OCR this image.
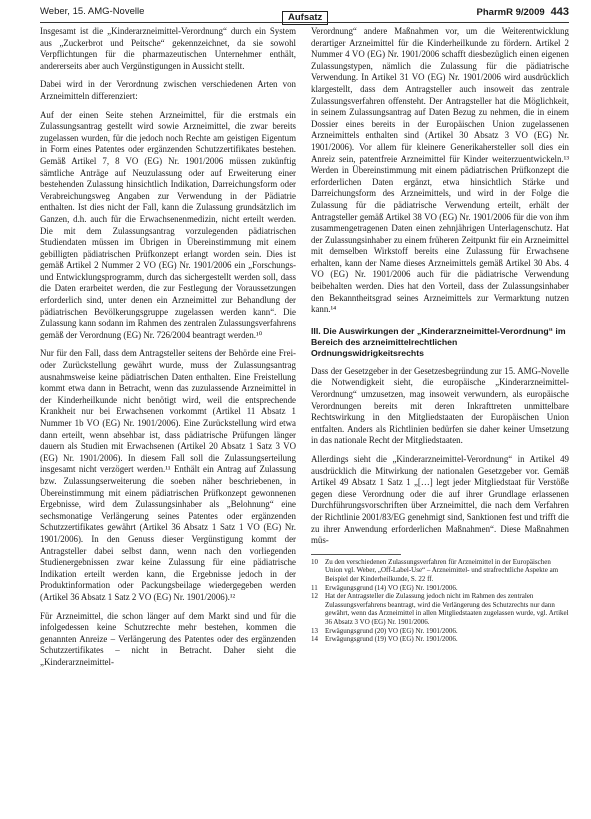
Weber, 15. AMG-Novelle	PharmR 9/2009 443
Aufsatz

Insgesamt ist die „Kinderarzneimittel-Verordnung“ durch ein System aus „Zuckerbrot und Peitsche“ gekennzeichnet, da sie sowohl Verpflichtungen für die pharmazeutischen Unternehmer enthält, andererseits aber auch Vergünstigungen in Aussicht stellt.

Dabei wird in der Verordnung zwischen verschiedenen Arten von Arzneimitteln differenziert:

Auf der einen Seite stehen Arzneimittel, für die erstmals ein Zulassungsantrag gestellt wird sowie Arzneimittel, die zwar bereits zugelassen wurden, für die jedoch noch Rechte am geistigen Eigentum in Form eines Patentes oder ergänzenden Schutzzertifikates bestehen. Gemäß Artikel 7, 8 VO (EG) Nr. 1901/2006 müssen zukünftig sämtliche Anträge auf Neuzulassung oder auf Erweiterung einer bestehenden Zulassung hinsichtlich Indikation, Darreichungsform oder Verabreichungsweg Angaben zur Verwendung in der Pädiatrie enthalten. Ist dies nicht der Fall, kann die Zulassung grundsätzlich im Ganzen, d.h. auch für die Erwachsenenmedizin, nicht erteilt werden. Die mit dem Zulassungsantrag vorzulegenden pädiatrischen Studiendaten müssen im Übrigen in Übereinstimmung mit einem gebilligten pädiatrischen Prüfkonzept erlangt worden sein. Dies ist gemäß Artikel 2 Nummer 2 VO (EG) Nr. 1901/2006 ein „Forschungs- und Entwicklungsprogramm, durch das sichergestellt werden soll, dass die Daten erarbeitet werden, die zur Festlegung der Voraussetzungen erforderlich sind, unter denen ein Arzneimittel zur Behandlung der pädiatrischen Bevölkerungsgruppe zugelassen werden kann“. Die Zulassung kann sodann im Rahmen des zentralen Zulassungsverfahrens gemäß der Verordnung (EG) Nr. 726/2004 beantragt werden.¹⁰

Nur für den Fall, dass dem Antragsteller seitens der Behörde eine Frei- oder Zurückstellung gewährt wurde, muss der Zulassungsantrag ausnahmsweise keine pädiatrischen Daten enthalten. Eine Freistellung kommt etwa dann in Betracht, wenn das zuzulassende Arzneimittel in der Kinderheilkunde nicht benötigt wird, weil die entsprechende Krankheit nur bei Erwachsenen vorkommt (Artikel 11 Absatz 1 Nummer 1b VO (EG) Nr. 1901/2006). Eine Zurückstellung wird etwa dann erteilt, wenn absehbar ist, dass pädiatrische Prüfungen länger dauern als Studien mit Erwachsenen (Artikel 20 Absatz 1 Satz 3 VO (EG) Nr. 1901/2006). In diesem Fall soll die Zulassungserteilung insgesamt nicht verzögert werden.¹¹ Enthält ein Antrag auf Zulassung bzw. Zulassungserweiterung die soeben näher beschriebenen, in Übereinstimmung mit einem pädiatrischen Prüfkonzept gewonnenen Ergebnisse, wird dem Zulassungsinhaber als „Belohnung“ eine sechsmonatige Verlängerung seines Patentes oder ergänzenden Schutzzertifikates gewährt (Artikel 36 Absatz 1 Satz 1 VO (EG) Nr. 1901/2006). In den Genuss dieser Vergünstigung kommt der Antragsteller dabei selbst dann, wenn nach den vorliegenden Studienergebnissen zwar keine Zulassung für eine pädiatrische Indikation erteilt werden kann, die Ergebnisse jedoch in der Produktinformation oder Packungsbeilage wiedergegeben werden (Artikel 36 Absatz 1 Satz 2 VO (EG) Nr. 1901/2006).¹²

Für Arzneimittel, die schon länger auf dem Markt sind und für die infolgedessen keine Schutzrechte mehr bestehen, kommen die genannten Anreize – Verlängerung des Patentes oder des ergänzenden Schutzzertifikates – nicht in Betracht. Daher sieht die „Kinderarzneimittel-

Verordnung“ andere Maßnahmen vor, um die Weiterentwicklung derartiger Arzneimittel für die Kinderheilkunde zu fördern. Artikel 2 Nummer 4 VO (EG) Nr. 1901/2006 schafft diesbezüglich einen eigenen Zulassungstypen, nämlich die Zulassung für die pädiatrische Verwendung. In Artikel 31 VO (EG) Nr. 1901/2006 wird ausdrücklich klargestellt, dass dem Antragsteller auch insoweit das zentrale Zulassungsverfahren offensteht. Der Antragsteller hat die Möglichkeit, in seinem Zulassungsantrag auf Daten Bezug zu nehmen, die in einem Dossier eines bereits in der Europäischen Union zugelassenen Arzneimittels enthalten sind (Artikel 30 Absatz 3 VO (EG) Nr. 1901/2006). Vor allem für kleinere Generikahersteller soll dies ein Anreiz sein, patentfreie Arzneimittel für Kinder weiterzuentwickeln.¹³ Werden in Übereinstimmung mit einem pädiatrischen Prüfkonzept die erforderlichen Daten ergänzt, etwa hinsichtlich Stärke und Darreichungsform des Arzneimittels, und wird in der Folge die Zulassung für die pädiatrische Verwendung erteilt, erhält der Antragsteller gemäß Artikel 38 VO (EG) Nr. 1901/2006 für die von ihm zusammengetragenen Daten einen zehnjährigen Unterlagenschutz. Hat der Zulassungsinhaber zu einem früheren Zeitpunkt für ein Arzneimittel mit demselben Wirkstoff bereits eine Zulassung für Erwachsene erhalten, kann der Name dieses Arzneimittels gemäß Artikel 30 Abs. 4 VO (EG) Nr. 1901/2006 auch für die pädiatrische Verwendung beibehalten werden. Dies hat den Vorteil, dass der Zulassungsinhaber den Bekanntheitsgrad seines Arzneimittels zur Vermarktung nutzen kann.¹⁴

III. Die Auswirkungen der „Kinderarzneimittel-Verordnung“ im Bereich des arzneimittelrechtlichen Ordnungswidrigkeitsrechts

Dass der Gesetzgeber in der Gesetzesbegründung zur 15. AMG-Novelle die Notwendigkeit sieht, die europäische „Kinderarzneimittel-Verordnung“ umzusetzen, mag insoweit verwundern, als europäische Verordnungen bereits mit deren Inkrafttreten unmittelbare Rechtswirkung in den Mitgliedstaaten der Europäischen Union entfalten. Anders als Richtlinien bedürfen sie daher keiner Umsetzung in das nationale Recht der Mitgliedstaaten.

Allerdings sieht die „Kinderarzneimittel-Verordnung“ in Artikel 49 ausdrücklich die Mitwirkung der nationalen Gesetzgeber vor. Gemäß Artikel 49 Absatz 1 Satz 1 „[…] legt jeder Mitgliedstaat für Verstöße gegen diese Verordnung oder die auf ihrer Grundlage erlassenen Durchführungsvorschriften über Arzneimittel, die nach dem Verfahren der Richtlinie 2001/83/EG genehmigt sind, Sanktionen fest und trifft die zu ihrer Anwendung erforderlichen Maßnahmen“. Diese Maßnahmen müs-

10	Zu den verschiedenen Zulassungsverfahren für Arzneimittel in der Europäischen Union vgl. Weber, „Off-Label-Use“ – Arzneimittel- und strafrechtliche Aspekte am Beispiel der Kinderheilkunde, S. 22 ff.
11	Erwägungsgrund (14) VO (EG) Nr. 1901/2006.
12	Hat der Antragsteller die Zulassung jedoch nicht im Rahmen des zentralen Zulassungsverfahrens beantragt, wird die Verlängerung des Schutzrechts nur dann gewährt, wenn das Arzneimittel in allen Mitgliedstaaten zugelassen wurde, vgl. Artikel 36 Absatz 3 VO (EG) Nr. 1901/2006.
13	Erwägungsgrund (20) VO (EG) Nr. 1901/2006.
14	Erwägungsgrund (19) VO (EG) Nr. 1901/2006.
